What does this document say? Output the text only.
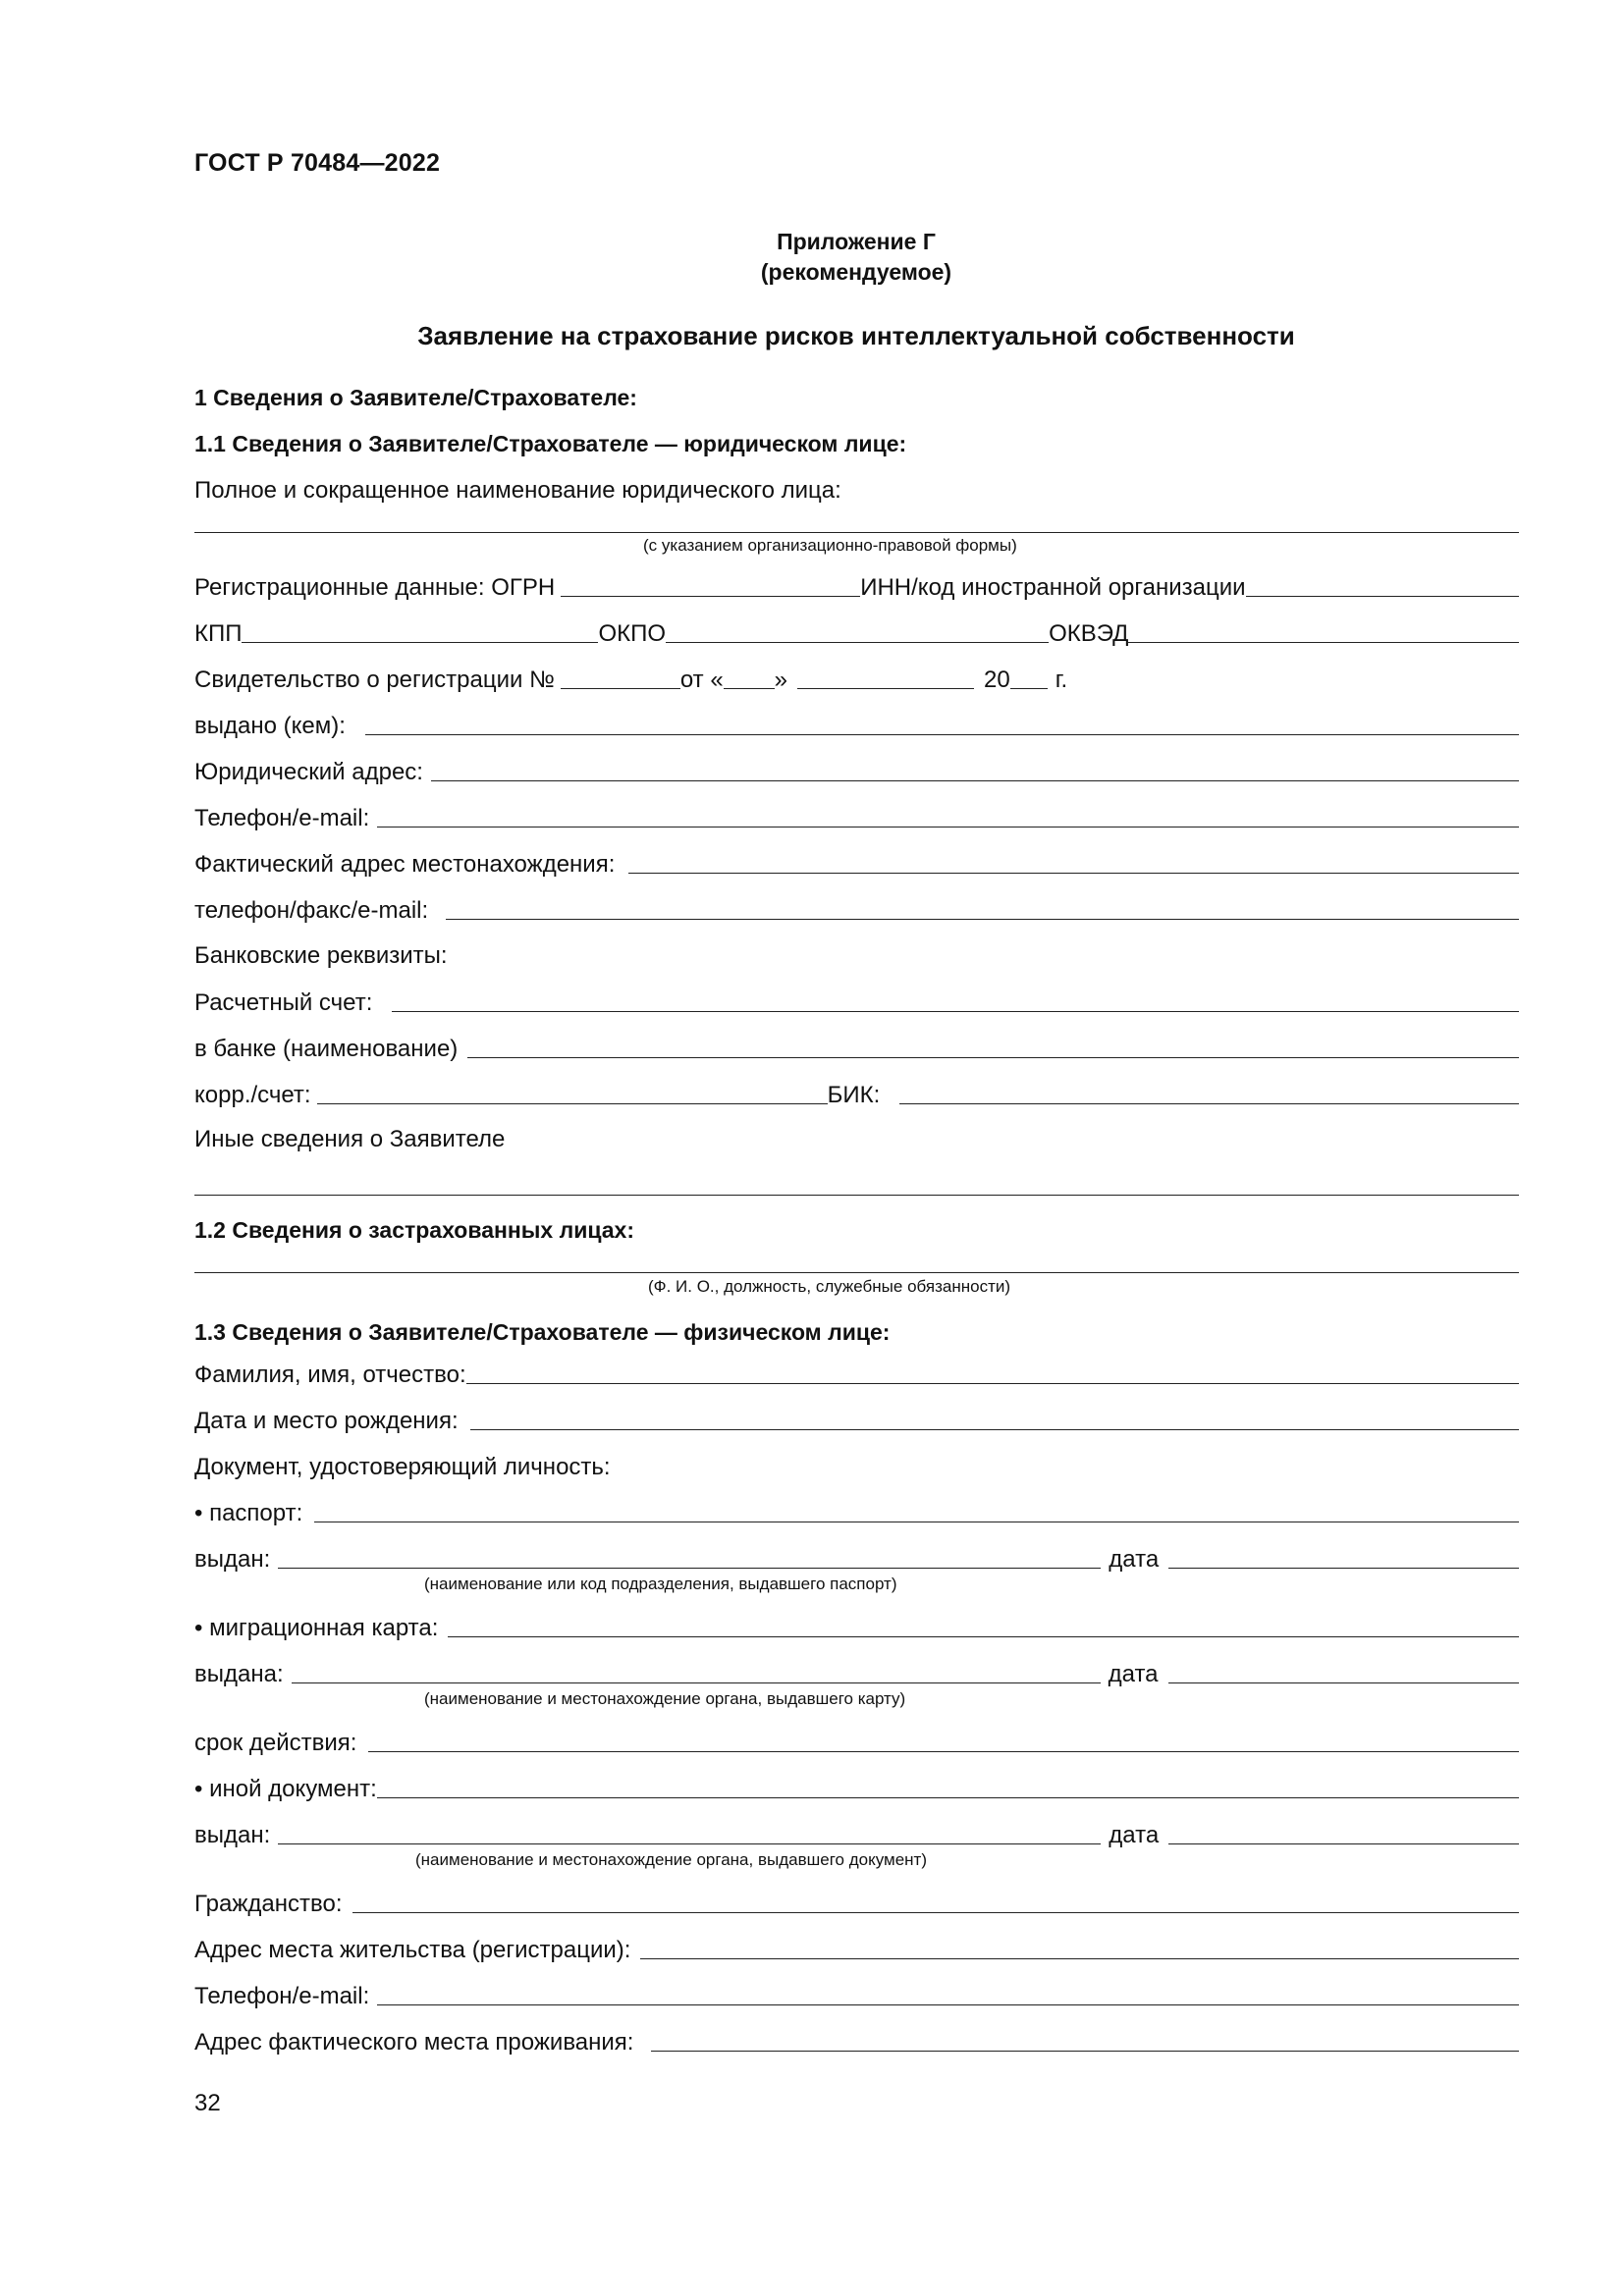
ГОСТ Р 70484—2022
Приложение Г
(рекомендуемое)
Заявление на страхование рисков интеллектуальной собственности
1 Сведения о Заявителе/Страхователе:
1.1 Сведения о Заявителе/Страхователе — юридическом лице:
Полное и сокращенное наименование юридического лица:
(с указанием организационно-правовой формы)
Регистрационные данные: ОГРН	ИНН/код иностранной организации
КПП	ОКПО	ОКВЭД
Свидетельство о регистрации №	от « »	20 г.
выдано (кем):
Юридический адрес:
Телефон/e-mail:
Фактический адрес местонахождения:
телефон/факс/e-mail:
Банковские реквизиты:
Расчетный счет:
в банке (наименование)
корр./счет:	БИК:
Иные сведения о Заявителе
1.2 Сведения о застрахованных лицах:
(Ф. И. О., должность, служебные обязанности)
1.3 Сведения о Заявителе/Страхователе — физическом лице:
Фамилия, имя, отчество:
Дата и место рождения:
Документ, удостоверяющий личность:
• паспорт:
выдан:	дата
(наименование или код подразделения, выдавшего паспорт)
• миграционная карта:
выдана:	дата
(наименование и местонахождение органа, выдавшего карту)
срок действия:
• иной документ:
выдан:	дата
(наименование и местонахождение органа, выдавшего документ)
Гражданство:
Адрес места жительства (регистрации):
Телефон/e-mail:
Адрес фактического места проживания:
32
